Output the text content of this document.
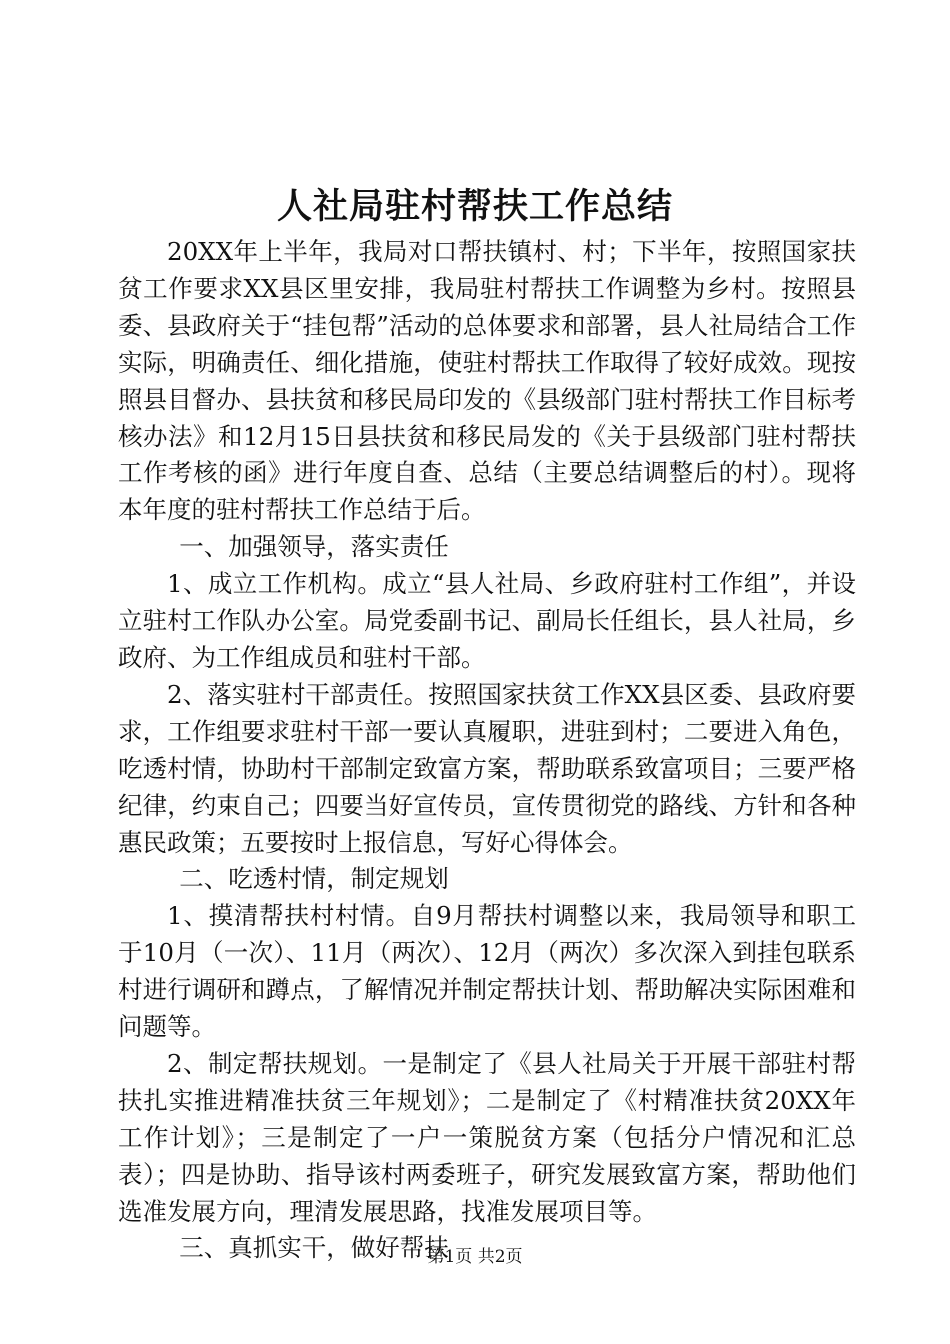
人社局驻村帮扶工作总结

20XX年上半年，我局对口帮扶镇村、村；下半年，按照国家扶贫工作要求XX县区里安排，我局驻村帮扶工作调整为乡村。按照县委、县政府关于“挂包帮”活动的总体要求和部署，县人社局结合工作实际，明确责任、细化措施，使驻村帮扶工作取得了较好成效。现按照县目督办、县扶贫和移民局印发的《县级部门驻村帮扶工作目标考核办法》和12月15日县扶贫和移民局发的《关于县级部门驻村帮扶工作考核的函》进行年度自查、总结（主要总结调整后的村）。现将本年度的驻村帮扶工作总结于后。

一、加强领导，落实责任

1、成立工作机构。成立“县人社局、乡政府驻村工作组”，并设立驻村工作队办公室。局党委副书记、副局长任组长，县人社局，乡政府、为工作组成员和驻村干部。

2、落实驻村干部责任。按照国家扶贫工作XX县区委、县政府要求，工作组要求驻村干部一要认真履职，进驻到村；二要进入角色，吃透村情，协助村干部制定致富方案，帮助联系致富项目；三要严格纪律，约束自己；四要当好宣传员，宣传贯彻党的路线、方针和各种惠民政策；五要按时上报信息，写好心得体会。

二、吃透村情，制定规划

1、摸清帮扶村村情。自9月帮扶村调整以来，我局领导和职工于10月（一次）、11月（两次）、12月（两次）多次深入到挂包联系村进行调研和蹲点，了解情况并制定帮扶计划、帮助解决实际困难和问题等。

2、制定帮扶规划。一是制定了《县人社局关于开展干部驻村帮扶扎实推进精准扶贫三年规划》；二是制定了《村精准扶贫20XX年工作计划》；三是制定了一户一策脱贫方案（包括分户情况和汇总表）；四是协助、指导该村两委班子，研究发展致富方案，帮助他们选准发展方向，理清发展思路，找准发展项目等。

三、真抓实干，做好帮扶

第1页 共2页
